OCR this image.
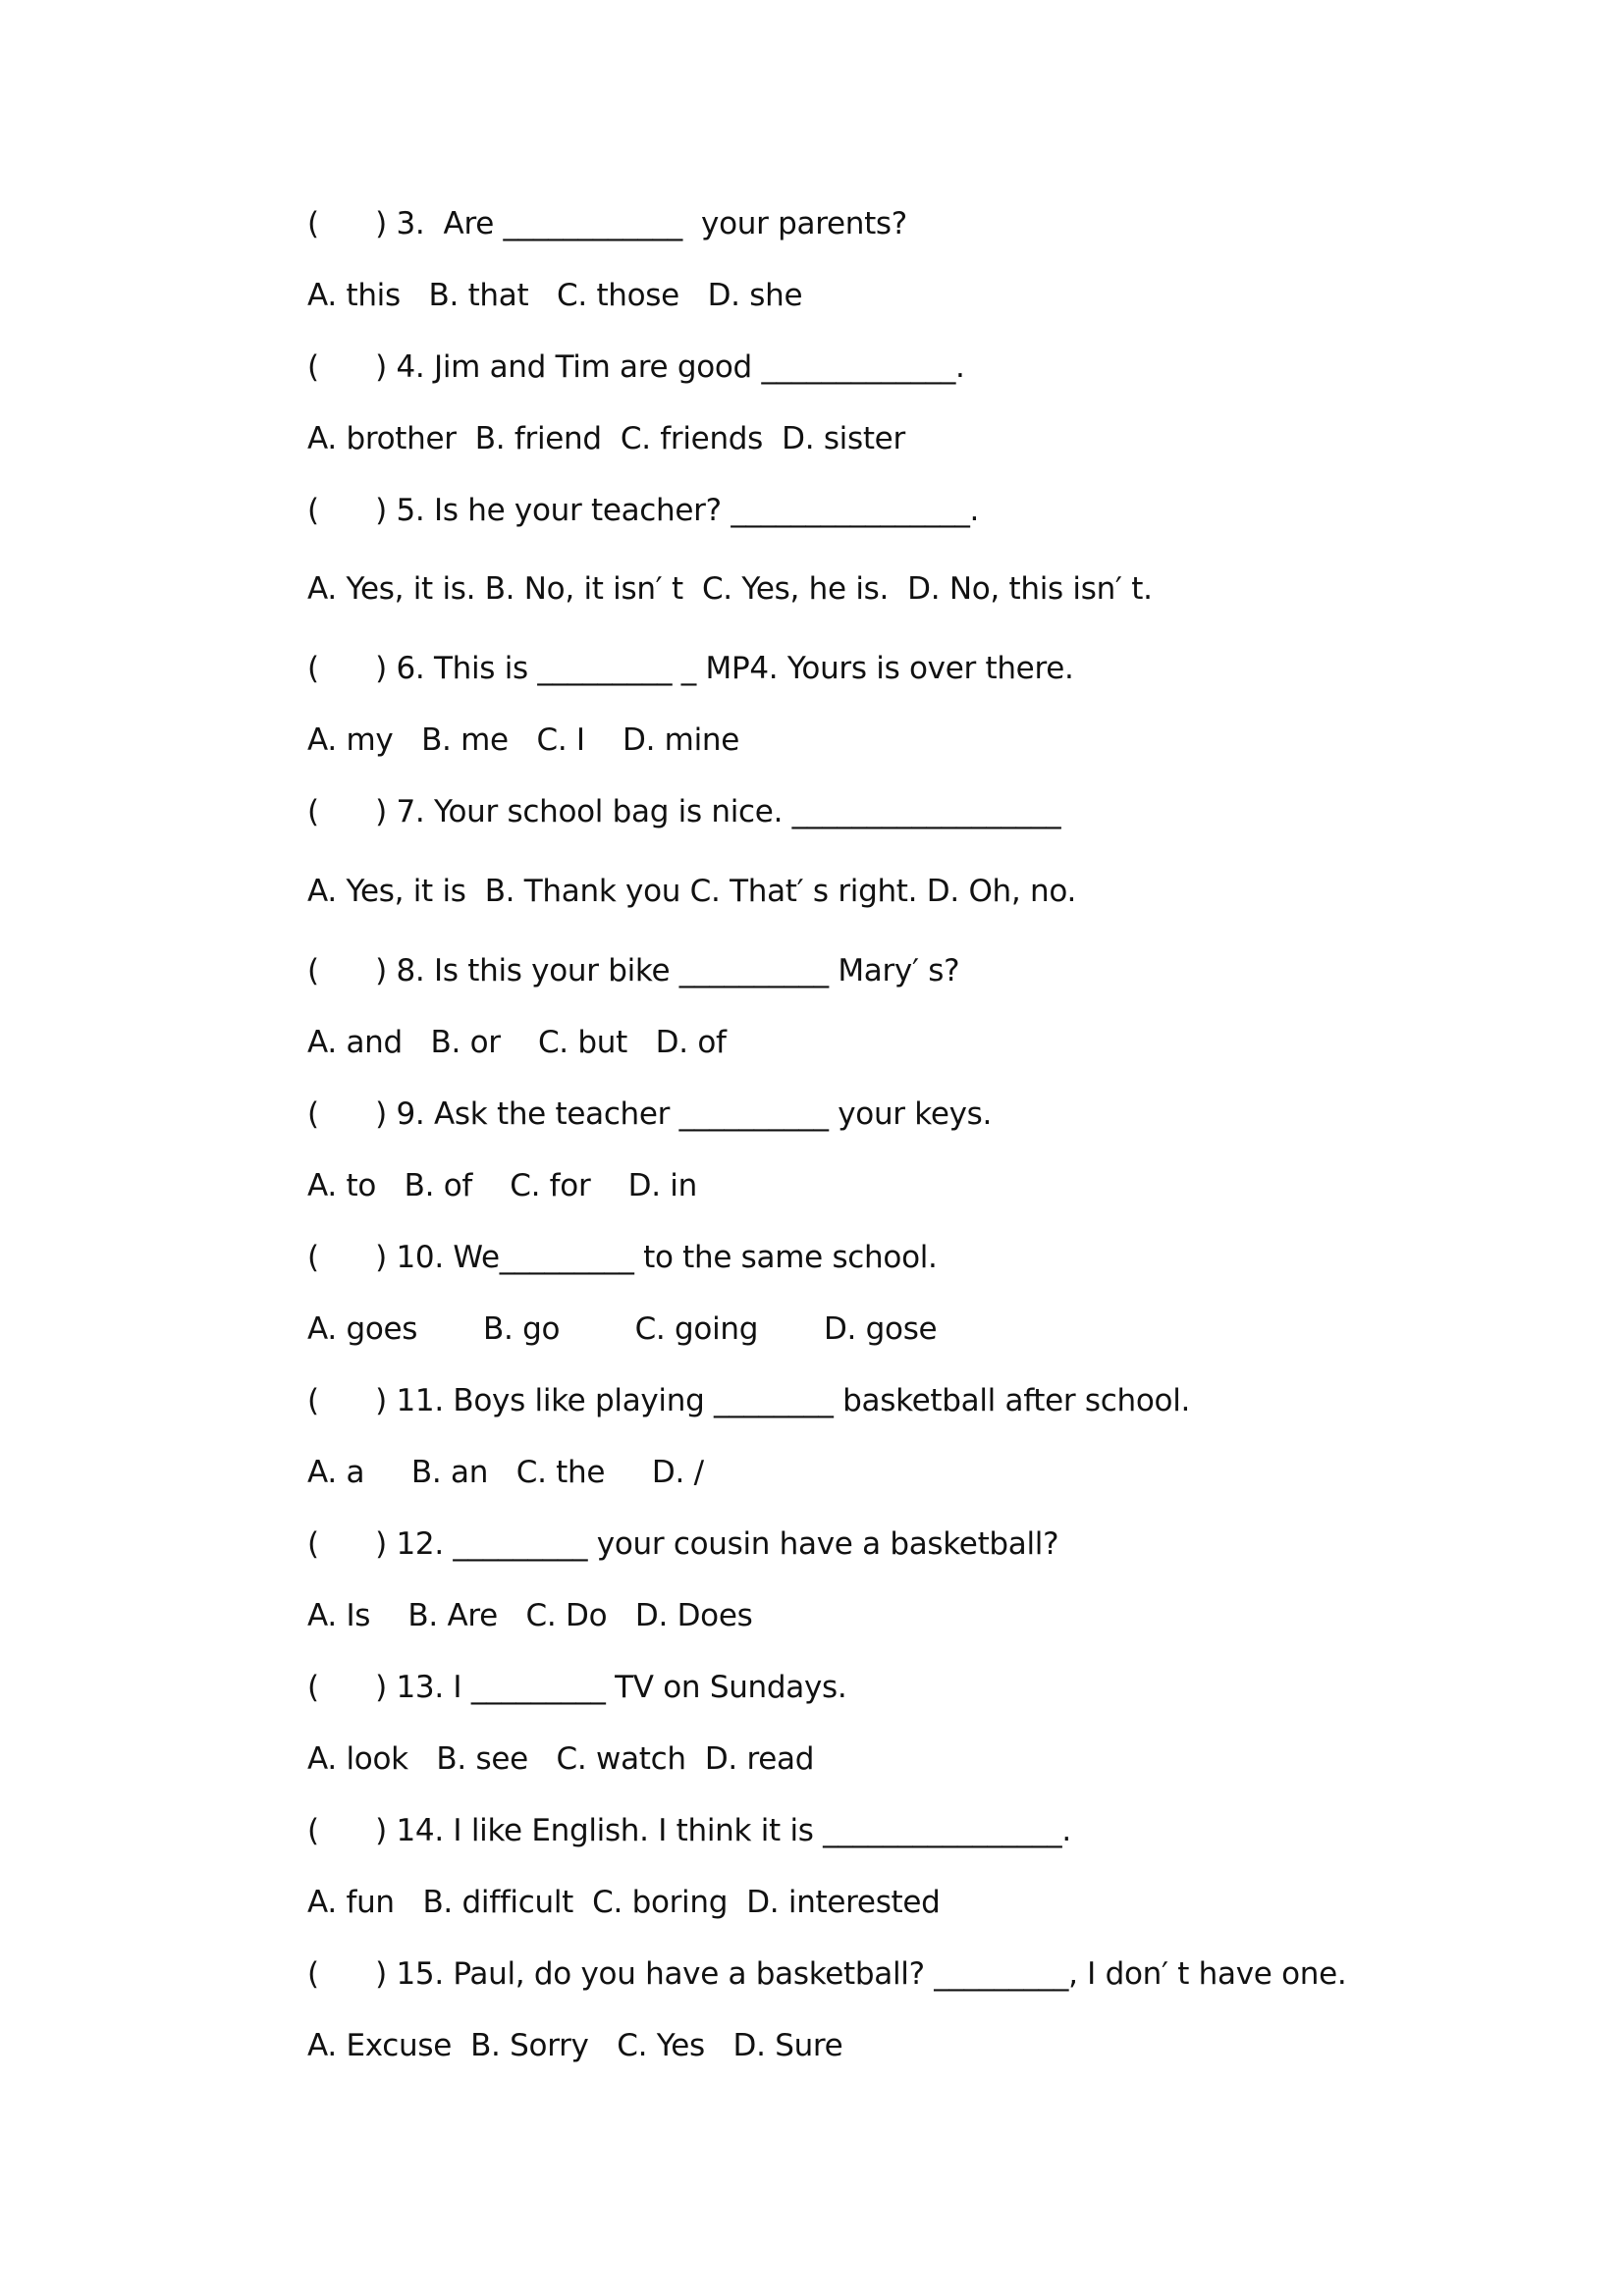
(      ) 3.  Are ____________  your parents?
A. this   B. that   C. those   D. she
(      ) 4. Jim and Tim are good _____________.
A. brother  B. friend  C. friends  D. sister
(      ) 5. Is he your teacher? ________________.
A. Yes, it is. B. No, it isn′ t  C. Yes, he is.  D. No, this isn′ t.
(      ) 6. This is _________ _ MP4. Yours is over there.
A. my   B. me   C. I    D. mine
(      ) 7. Your school bag is nice. __________________
A. Yes, it is  B. Thank you C. That′ s right. D. Oh, no.
(      ) 8. Is this your bike __________ Mary′ s?
A. and   B. or    C. but   D. of
(      ) 9. Ask the teacher __________ your keys.
A. to   B. of    C. for    D. in
(      ) 10. We_________ to the same school.
A. goes       B. go        C. going       D. gose
(      ) 11. Boys like playing ________ basketball after school.
A. a     B. an   C. the     D. /
(      ) 12. _________ your cousin have a basketball?
A. Is    B. Are   C. Do   D. Does
(      ) 13. I _________ TV on Sundays.
A. look   B. see   C. watch  D. read
(      ) 14. I like English. I think it is ________________.
A. fun   B. difficult  C. boring  D. interested
(      ) 15. Paul, do you have a basketball? _________, I don′ t have one.
A. Excuse  B. Sorry   C. Yes   D. Sure
